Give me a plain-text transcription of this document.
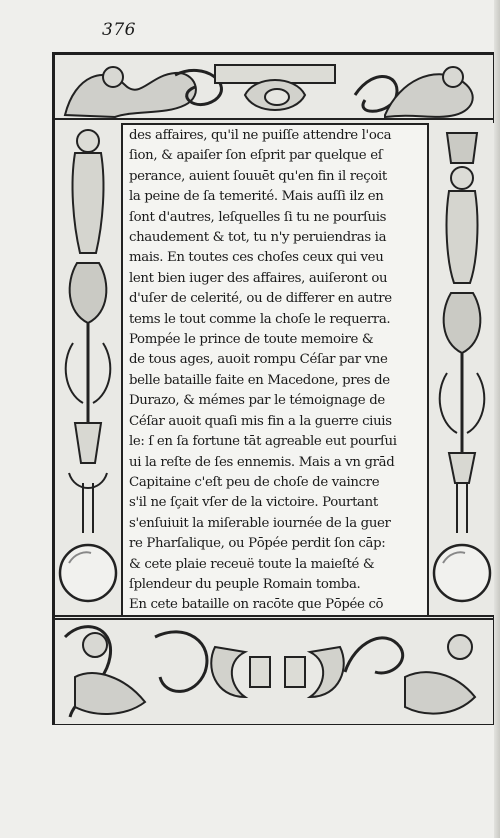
376
des affaires, qu'il ne puiſſe attendre l'oca
ſion, & apaiſer ſon eſprit par quelque eſ
perance, auient ſouuēt qu'en fin il reçoit
la peine de ſa temerité. Mais auſſi ilz en
ſont d'autres, leſquelles ſi tu ne pourſuis
chaudement & tot, tu n'y peruiendras ia
mais. En toutes ces choſes ceux qui veu
lent bien iuger des affaires, auiſeront ou
d'uſer de celerité, ou de differer en autre
tems le tout comme la choſe le requerra.
Pompée le prince de toute memoire &
de tous ages, auoit rompu Céſar par vne
belle bataille faite en Macedone, pres de
Durazo, & mémes par le témoignage de
Céſar auoit quaſi mis fin a la guerre ciuis
le: ſ en ſa fortune tāt agreable eut pourſui
ui la reſte de ſes ennemis. Mais a vn grād
Capitaine c'eſt peu de choſe de vaincre
s'il ne ſçait vſer de la victoire. Pourtant
s'enſuiuit la miſerable iournée de la guer
re Pharſalique, ou Pōpée perdit ſon cāp:
& cete plaie receuë toute la maieſté &
ſplendeur du peuple Romain tomba.
En cete bataille on racōte que Pōpée cō
